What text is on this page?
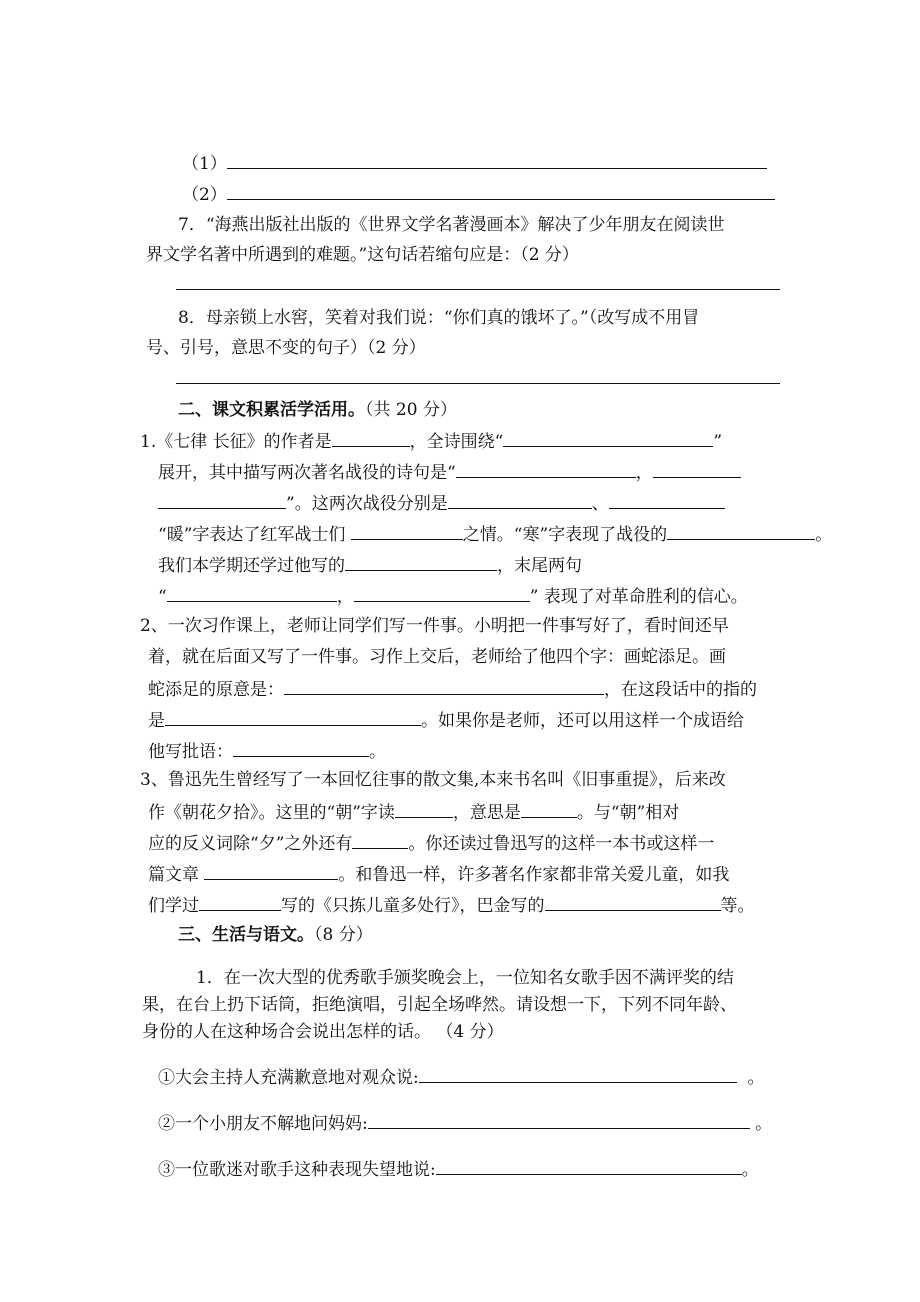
（1）
（2）
7．“海燕出版社出版的《世界文学名著漫画本》解决了少年朋友在阅读世
界文学名著中所遇到的难题。”这句话若缩句应是：（2 分）
8．母亲锁上水窖，笑着对我们说：“你们真的饿坏了。”（改写成不用冒
号、引号，意思不变的句子）（2 分）
二、课文积累活学活用。（共 20 分）
1.《七律 长征》的作者是	，全诗围绕“	”
展开，其中描写两次著名战役的诗句是“	，
”。这两次战役分别是	、
“暖”字表达了红军战士们	之情。“寒”字表现了战役的	。
我们本学期还学过他写的	，末尾两句
“	，	” 表现了对革命胜利的信心。
2、一次习作课上，老师让同学们写一件事。小明把一件事写好了，看时间还早
着，就在后面又写了一件事。习作上交后，老师给了他四个字：画蛇添足。画
蛇添足的原意是：	，在这段话中的指的
是	。如果你是老师，还可以用这样一个成语给
他写批语：	。
3、鲁迅先生曾经写了一本回忆往事的散文集,本来书名叫《旧事重提》，后来改
作《朝花夕拾》。这里的“朝”字读	，意思是	。与“朝”相对
应的反义词除“夕”之外还有	。你还读过鲁迅写的这样一本书或这样一
篇文章	。和鲁迅一样，许多著名作家都非常关爱儿童，如我
们学过	写的《只拣儿童多处行》，巴金写的	等。
三、生活与语文。（8 分）
1．在一次大型的优秀歌手颁奖晚会上，一位知名女歌手因不满评奖的结
果，在台上扔下话筒，拒绝演唱，引起全场哗然。请设想一下，下列不同年龄、
身份的人在这种场合会说出怎样的话。 （4 分）
①大会主持人充满歉意地对观众说:	。
②一个小朋友不解地问妈妈:	。
③一位歌迷对歌手这种表现失望地说:	。
